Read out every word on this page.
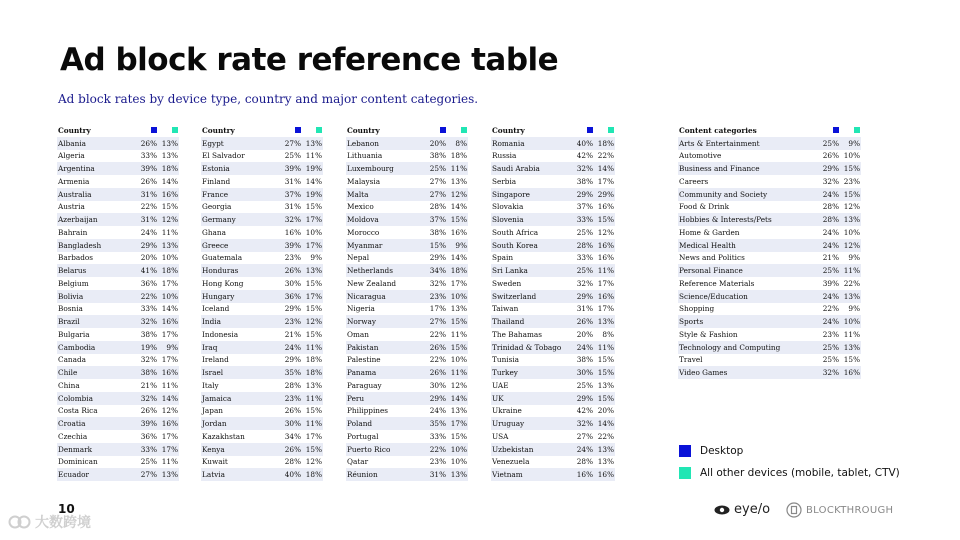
Ad block rate reference table
Ad block rates by device type, country and major content categories.
Country
Albania	26% 13%
Algeria	33% 13%
Argentina	39% 18%
Armenia	26% 14%
Australia	31% 16%
Austria	22% 15%
Azerbaijan	31% 12%
Bahrain	24% 11%
Bangladesh	29% 13%
Barbados	20% 10%
Belarus	41% 18%
Belgium	36% 17%
Bolivia	22% 10%
Bosnia	33% 14%
Brazil	32% 16%
Bulgaria	38% 17%
Cambodia	19%	9%
Canada	32% 17%
Chile	38% 16%
China	21% 11%
Colombia	32% 14%
Costa Rica	26% 12%
Croatia	39% 16%
Czechia	36% 17%
Denmark	33% 17%
Dominican	25% 11%
Ecuador	27% 13%
Country
Egypt	27% 13%
El Salvador	25% 11%
Estonia	39% 19%
Finland	31% 14%
France	37% 19%
Georgia	31% 15%
Germany	32% 17%
Ghana	16% 10%
Greece	39% 17%
Guatemala	23%	9%
Honduras	26% 13%
Hong Kong	30% 15%
Hungary	36% 17%
Iceland	29% 15%
India	23% 12%
Indonesia	21% 15%
Iraq	24% 11%
Ireland	29% 18%
Israel	35% 18%
Italy	28% 13%
Jamaica	23% 11%
Japan	26% 15%
Jordan	30% 11%
Kazakhstan	34% 17%
Kenya	26% 15%
Kuwait	28% 12%
Latvia	40% 18%
Country
Lebanon	20%	8%
Lithuania	38% 18%
Luxembourg	25% 11%
Malaysia	27% 13%
Malta	27% 12%
Mexico	28% 14%
Moldova	37% 15%
Morocco	38% 16%
Myanmar	15%	9%
Nepal	29% 14%
Netherlands	34% 18%
New Zealand	32% 17%
Nicaragua	23% 10%
Nigeria	17% 13%
Norway	27% 15%
Oman	22% 11%
Pakistan	26% 15%
Palestine	22% 10%
Panama	26% 11%
Paraguay	30% 12%
Peru	29% 14%
Philippines	24% 13%
Poland	35% 17%
Portugal	33% 15%
Puerto Rico	22% 10%
Qatar	23% 10%
Réunion	31% 13%
Country
Romania	40% 18%
Russia	42% 22%
Saudi Arabia	32% 14%
Serbia	38% 17%
Singapore	29% 29%
Slovakia	37% 16%
Slovenia	33% 15%
South Africa	25% 12%
South Korea	28% 16%
Spain	33% 16%
Sri Lanka	25% 11%
Sweden	32% 17%
Switzerland	29% 16%
Taiwan	31% 17%
Thailand	26% 13%
The Bahamas	20%	8%
Trinidad & Tobago	24% 11%
Tunisia	38% 15%
Turkey	30% 15%
UAE	25% 13%
UK	29% 15%
Ukraine	42% 20%
Uruguay	32% 14%
USA	27% 22%
Uzbekistan	24% 13%
Venezuela	28% 13%
Vietnam	16% 16%
Content categories
Arts & Entertainment	25%	9%
Automotive	26% 10%
Business and Finance	29% 15%
Careers	32% 23%
Community and Society	24% 15%
Food & Drink	28% 12%
Hobbies & Interests/Pets	28% 13%
Home & Garden	24% 10%
Medical Health	24% 12%
News and Politics	21%	9%
Personal Finance	25% 11%
Reference Materials	39% 22%
Science/Education	24% 13%
Shopping	22%	9%
Sports	24% 10%
Style & Fashion	23% 11%
Technology and Computing	25% 13%
Travel	25% 15%
Video Games	32% 16%
Desktop
All other devices (mobile, tablet, CTV)
10	eye/o	BLOCKTHROUGH
大数跨境
